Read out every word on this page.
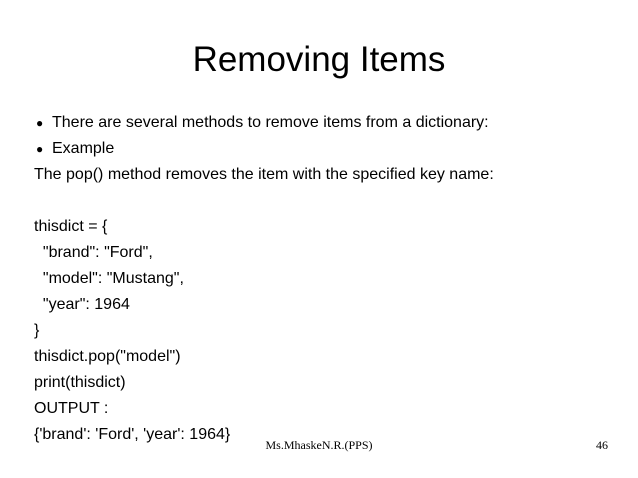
Removing Items
● There are several methods to remove items from a dictionary:
● Example
The pop() method removes the item with the specified key name:
thisdict = {
"brand": "Ford",
"model": "Mustang",
"year": 1964
}
thisdict.pop("model")
print(thisdict)
OUTPUT :
{'brand': 'Ford', 'year': 1964}
Ms.MhaskeN.R.(PPS)	46
